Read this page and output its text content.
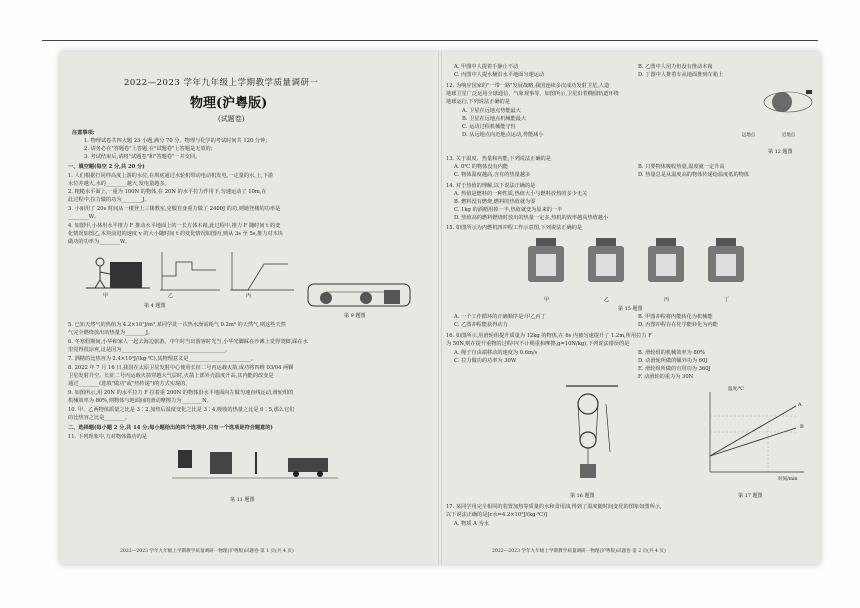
2022—2023 学年九年级上学期教学质量调研一
物理(沪粤版)
(试题卷)
注意事项:
1. 物理试卷共四大题 23 小题,满分 70 分。物理与化学的考试时间共 120 分钟;
2. 请务必在"答题卷"上答题,在"试题卷"上答题是无效的;
3. 考试结束后,请将"试题卷"和"答题卷"一并交回。
一、填空题(每空 2 分,共 20 分)
1. 人们根据打同样高度上游的水位,在坝底通过水轮机带动电动机发电,一定量的水,上,下游
水位差越大,水的________越大,发电量越多。
2. 粗糙水平面上,一重为 100N 的物体,在 20N 的水平拉力作用下,匀速运动了 10m,在
此过程中,拉力做的功为________J。
3. 小丽用了 20s 时间从一楼登上三楼教室,克服自身重力做了 2400J 的功,则她登楼的功率是
________W。
4. 如图甲,小林用水平推力 F 推动水平地面上的一长方体木箱,此过程中,推力 F 随时间 t 的变
化情况如图乙,木块前进的速度 v 的大小随时间 t 的变化情况如图丙,则从 3s 至 5s,推力对木块
做功的功率为________W。
甲	乙	丙
第 4 题图
第 9 题图
5. 已知天然气的热值为 4.2×10⁷J/m³,某同学洗一次热水澡需耗气 0.2m³ 的天然气,则这些天然
气完全燃烧放出的热量为________J。
6. 冬寒假期间,小华和家人一起去海边旅游。中午时当出游客时光当,小华光脚踩在沙滩上觉得烫脚,踩在水
里觉得很凉爽,这是因为________________________________________。
7. 酒精的比热容为 2.4×10³J/(kg·℃),其物理意义是________________________。
8. 2022 年 7 月 16 日,我国在太原卫星发射中心使用长征二号丙运载火箭,成功将四维 03/04 两颗
卫星发射升空。长征二号丙运载火箭穿越大气层时,火箭上部外壳温度升高,其内能的改变是
通过________(选填"做功"或"热传递")的方式实现的。
9. 如图所示,用 20N 的水平拉力 F 拉着重 200N 的物体沿水平地面向左做匀速直线运动,滑轮组的
机械效率为 80%,则物体与地面间的滑动摩擦力为________N。
10. 甲、乙两物体质量之比是 3∶2,加热后温度变化之比是 3∶4,吸收的热量之比是 6∶5,那么它们
的比热容之比是________。
二、选择题(每小题 2 分,共 14 分;每小题给出的四个选项中,只有一个选项是符合题意的)
11. 下列现象中,力对物体做功的是
第 11 题图
2022—2023 学年九年级上学期教学质量调研一物理(沪粤版)试题卷 第 1 页(共 4 页)
A. 甲图中人提着手静止不动	B. 乙图中人用力但没有推动木箱
C. 丙图中人提水桶沿水平地面匀速运动	D. 丁图中人推着车从地面推到车箱上
12. 为响应国家的"一带一路"发展战略,我国连续多次成功发射卫星,人造
地球卫星广泛运用全球通信、气象观事等。如图所示,卫星沿着椭圆轨道环绕
地球运行,下列说法正确的是
A. 卫星在远地点势能最大
B. 卫星在远地点机械能最大
C. 运动过程机械能守恒
D. 从远地点向近地点运动,势能减小	远地点	近地点
第 12 题图
13. 关于温度、热量和内能,下列说法正确的是
A. 0℃ 的物体没有内能	B. 只要物体吸收热量,温度就一定升高
C. 物体温度越高,含有的热量越多	D. 热量总是从温度高的物体传递给温度低的物体
14. 对于热值的理解,以下说法正确的是
A. 热值是燃料的一种性质,热值大小与燃料放热的多少无关
B. 燃料没有燃烧,燃料的热值就为零
C. 1kg 的酒精用掉一半,热值就变为原来的一半
D. 热值高的燃料燃烧时放出的热量一定多,热机的效率越高热值越小
15. 如图所示为内燃机四冲程工作示意图,下列说法正确的是
甲	乙	丙	丁
第 15 题图
A. 一个工作循环的正确顺序是:甲乙丙丁	B. 甲图冲程将内能转化为机械能
C. 乙图冲程能获得动力	D. 丙图冲程存在化学能转化为内能
16. 如图所示,用滑轮组提升质量为 12kg 的物体,在 6s 内被匀速提升了 1.2m,所用拉力 F
为 50N,则在提升重物的过程中(不计绳重和摩擦,g=10N/kg),下列说法错误的是
A. 绳子自由端移动的速度为 0.6m/s	B. 滑轮组的机械效率为 80%
C. 拉力做功的功率为 30W	D. 动滑轮所做的额外功为 60J
E. 滑轮组所做的有用功为 360J
F. 动滑轮的重力为 30N
第 16 题图
温度/℃
时间/min
A
B
第 17 题图
17. 某同学用完全相同的装置加热等质量的水和食用油,得到了温度随时间变化的图象如图所示,
以下说法正确的是[c水=4.2×10³J/(kg·℃)]
A. 物质 A 为水
2022—2023 学年九年级上学期教学质量调研一物理(沪粤版)试题卷 第 2 页(共 4 页)
